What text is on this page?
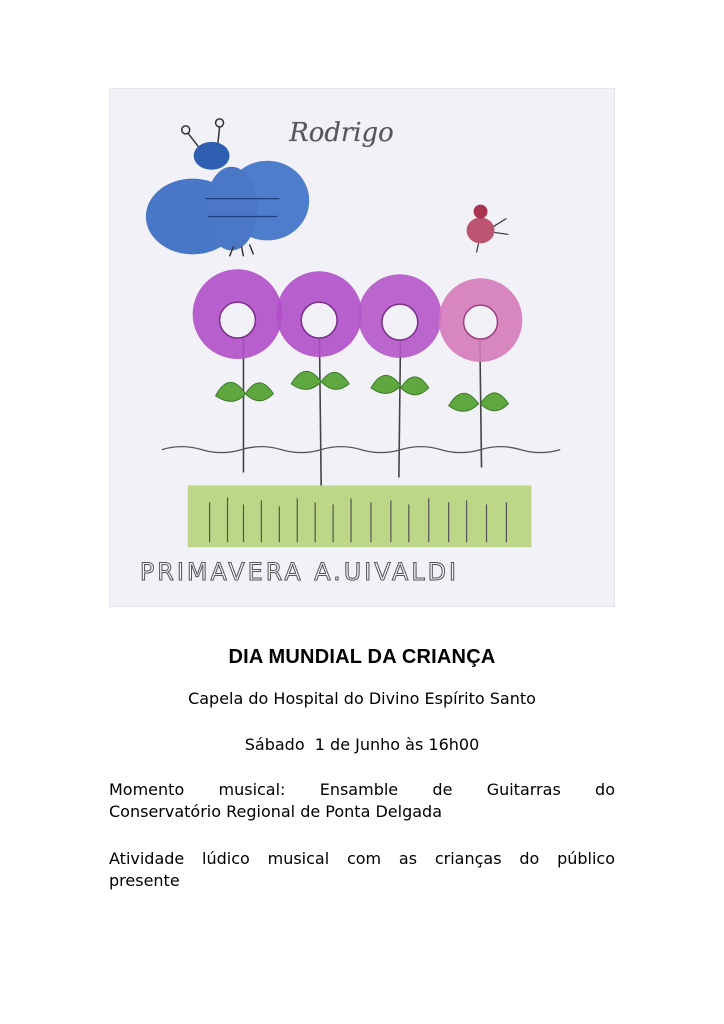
Rodrigo
PRIMAVERA A.UIVALDI
DIA MUNDIAL DA CRIANÇA
Capela do Hospital do Divino Espírito Santo
Sábado  1 de Junho às 16h00
Momento musical: Ensamble de Guitarras do
Conservatório Regional de Ponta Delgada
Atividade lúdico musical com as crianças do público
presente
